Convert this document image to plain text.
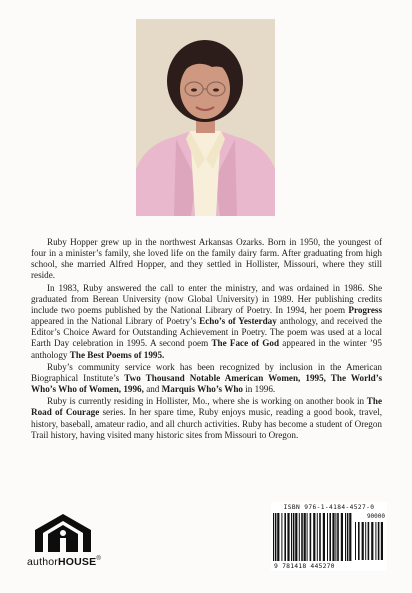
Ruby Hopper grew up in the northwest Arkansas Ozarks. Born in 1950, the youngest of four in a minister’s family, she loved life on the family dairy farm. After graduating from high school, she married Alfred Hopper, and they settled in Hollister, Missouri, where they still reside.

In 1983, Ruby answered the call to enter the ministry, and was ordained in 1986. She graduated from Berean University (now Global University) in 1989. Her publishing credits include two poems published by the National Library of Poetry. In 1994, her poem Progress appeared in the National Library of Poetry’s Echo’s of Yesterday anthology, and received the Editor’s Choice Award for Outstanding Achievement in Poetry. The poem was used at a local Earth Day celebration in 1995. A second poem The Face of God appeared in the winter ’95 anthology The Best Poems of 1995.

Ruby’s community service work has been recognized by inclusion in the American Biographical Institute’s Two Thousand Notable American Women, 1995, The World’s Who’s Who of Women, 1996, and Marquis Who’s Who in 1996.

Ruby is currently residing in Hollister, Mo., where she is working on another book in The Road of Courage series. In her spare time, Ruby enjoys music, reading a good book, travel, history, baseball, amateur radio, and all church activities. Ruby has become a student of Oregon Trail history, having visited many historic sites from Missouri to Oregon.

authorHOUSE®
ISBN 976-1-4184-4527-0
90000
9 781418 445270
